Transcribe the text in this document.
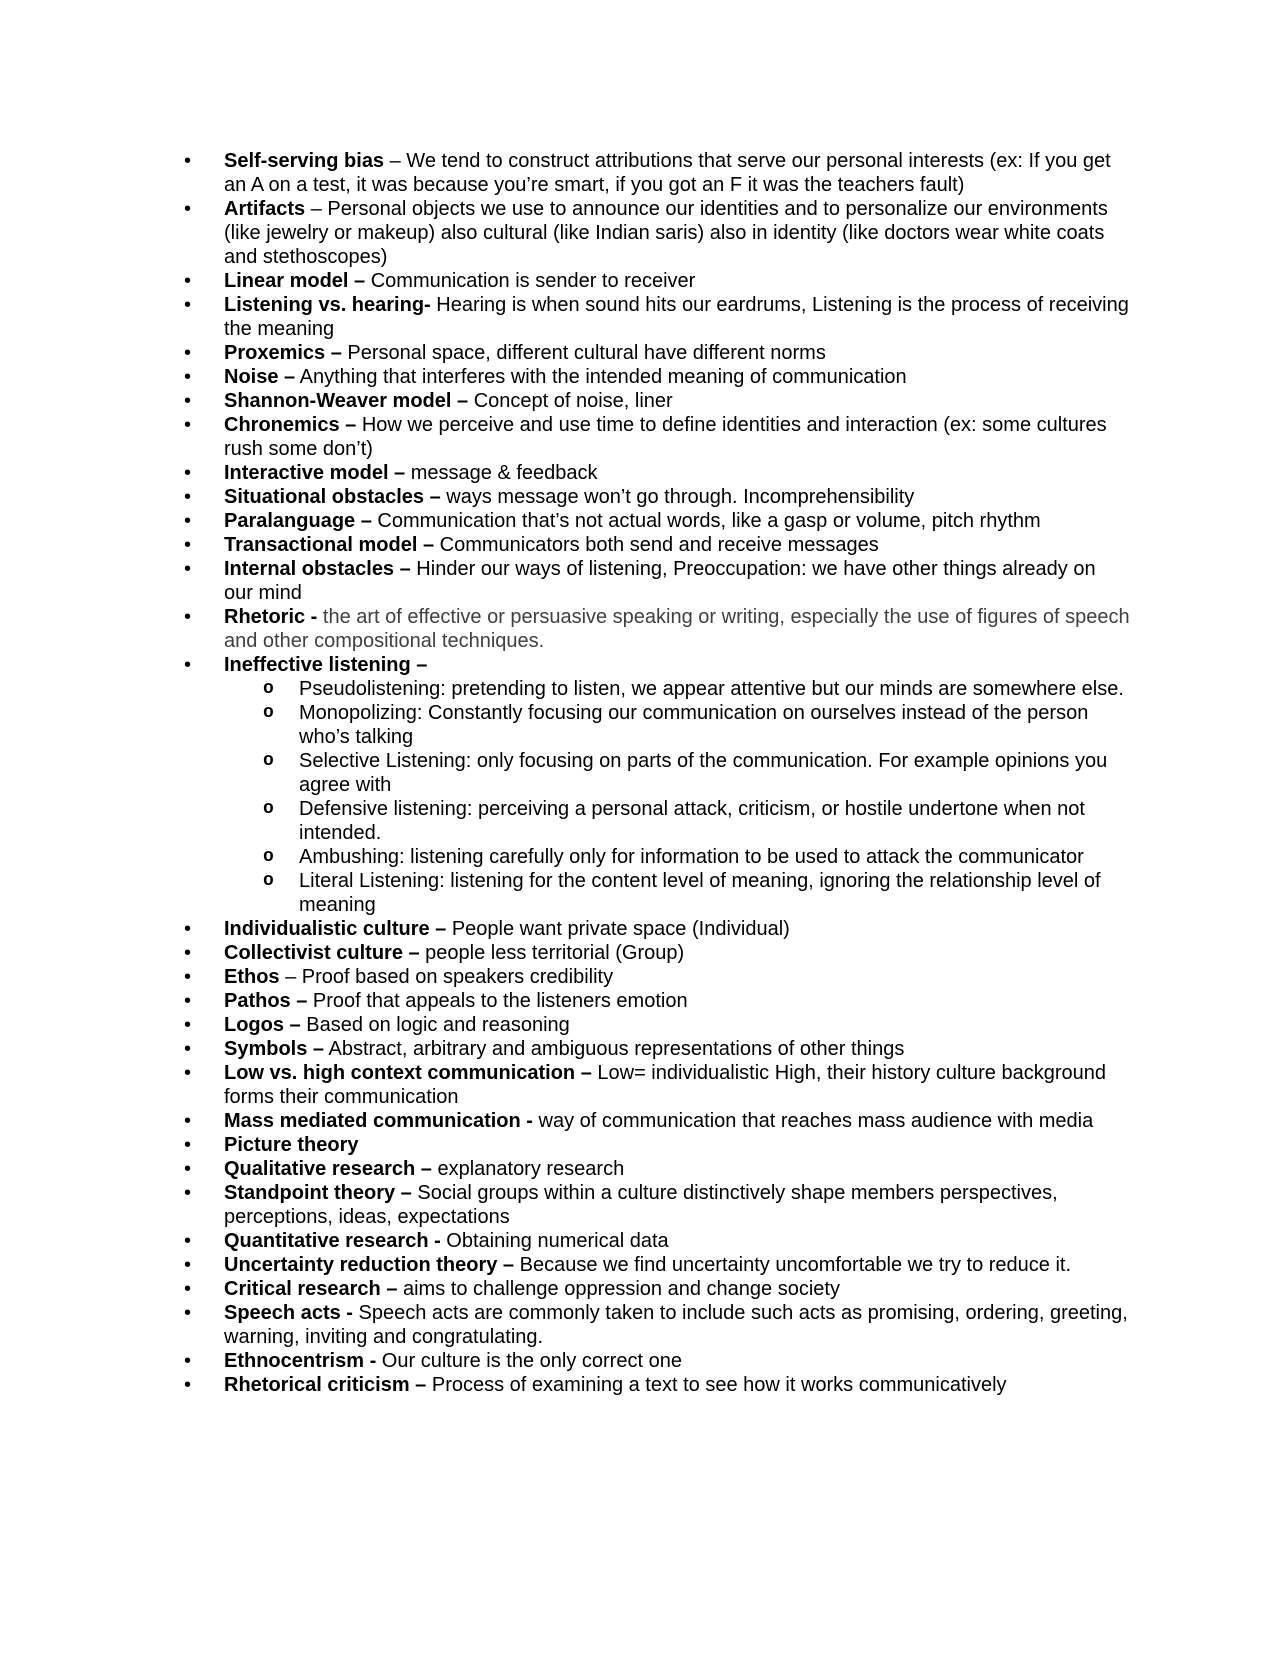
•	Self-serving bias – We tend to construct attributions that serve our personal interests (ex: If you get an A on a test, it was because you’re smart, if you got an F it was the teachers fault)
•	Artifacts – Personal objects we use to announce our identities and to personalize our environments (like jewelry or makeup) also cultural (like Indian saris) also in identity (like doctors wear white coats and stethoscopes)
•	Linear model – Communication is sender to receiver
•	Listening vs. hearing- Hearing is when sound hits our eardrums, Listening is the process of receiving the meaning
•	Proxemics – Personal space, different cultural have different norms
•	Noise – Anything that interferes with the intended meaning of communication
•	Shannon-Weaver model – Concept of noise, liner
•	Chronemics – How we perceive and use time to define identities and interaction (ex: some cultures rush some don’t)
•	Interactive model – message & feedback
•	Situational obstacles – ways message won’t go through. Incomprehensibility
•	Paralanguage – Communication that’s not actual words, like a gasp or volume, pitch rhythm
•	Transactional model – Communicators both send and receive messages
•	Internal obstacles – Hinder our ways of listening, Preoccupation: we have other things already on our mind
•	Rhetoric - the art of effective or persuasive speaking or writing, especially the use of figures of speech and other compositional techniques.
•	Ineffective listening –
o Pseudolistening: pretending to listen, we appear attentive but our minds are somewhere else.
o Monopolizing: Constantly focusing our communication on ourselves instead of the person who’s talking
o Selective Listening: only focusing on parts of the communication. For example opinions you agree with
o Defensive listening: perceiving a personal attack, criticism, or hostile undertone when not intended.
o Ambushing: listening carefully only for information to be used to attack the communicator
o Literal Listening: listening for the content level of meaning, ignoring the relationship level of meaning
•	Individualistic culture – People want private space (Individual)
•	Collectivist culture – people less territorial (Group)
•	Ethos – Proof based on speakers credibility
•	Pathos – Proof that appeals to the listeners emotion
•	Logos – Based on logic and reasoning
•	Symbols – Abstract, arbitrary and ambiguous representations of other things
•	Low vs. high context communication – Low= individualistic High, their history culture background forms their communication
•	Mass mediated communication - way of communication that reaches mass audience with media
•	Picture theory
•	Qualitative research – explanatory research
•	Standpoint theory – Social groups within a culture distinctively shape members perspectives, perceptions, ideas, expectations
•	Quantitative research - Obtaining numerical data
•	Uncertainty reduction theory – Because we find uncertainty uncomfortable we try to reduce it.
•	Critical research – aims to challenge oppression and change society
•	Speech acts - Speech acts are commonly taken to include such acts as promising, ordering, greeting, warning, inviting and congratulating.
•	Ethnocentrism - Our culture is the only correct one
•	Rhetorical criticism – Process of examining a text to see how it works communicatively
